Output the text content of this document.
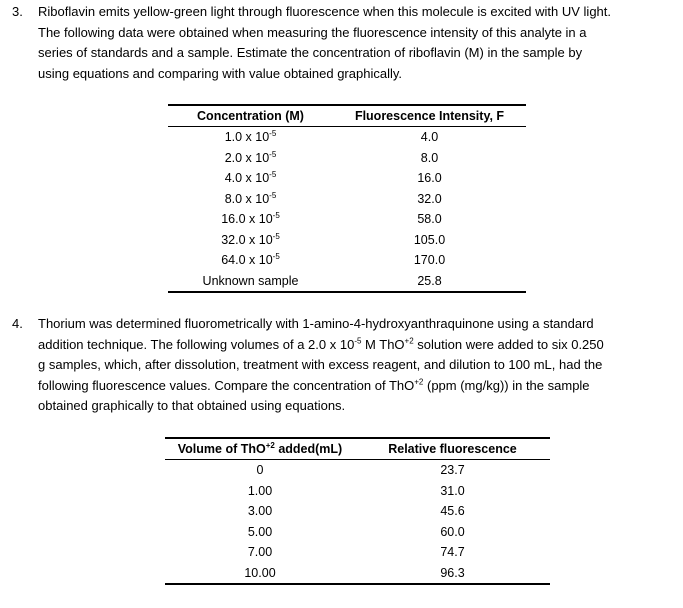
3. Riboflavin emits yellow-green light through fluorescence when this molecule is excited with UV light.
The following data were obtained when measuring the fluorescence intensity of this analyte in a
series of standards and a sample. Estimate the concentration of riboflavin (M) in the sample by
using equations and comparing with value obtained graphically.
Concentration (M)	Fluorescence Intensity, F
1.0 x $10^{-5}$	4.0
2.0 x $10^{-5}$	8.0
4.0 x $10^{-5}$	16.0
8.0 x $10^{-5}$	32.0
16.0 x $10^{-5}$	58.0
32.0 x $10^{-5}$	105.0
64.0 x $10^{-5}$	170.0
Unknown sample	25.8
4. Thorium was determined fluorometrically with 1-amino-4-hydroxyanthraquinone using a standard
addition technique. The following volumes of a 2.0 x $10^{-5}$ M ThO$^{+2}$ solution were added to six 0.250
g samples, which, after dissolution, treatment with excess reagent, and dilution to 100 mL, had the
following fluorescence values. Compare the concentration of ThO$^{+2}$ (ppm (mg/kg)) in the sample
obtained graphically to that obtained using equations.
Volume of ThO$^{+2}$ added(mL)	Relative fluorescence
0	23.7
1.00	31.0
3.00	45.6
5.00	60.0
7.00	74.7
10.00	96.3
